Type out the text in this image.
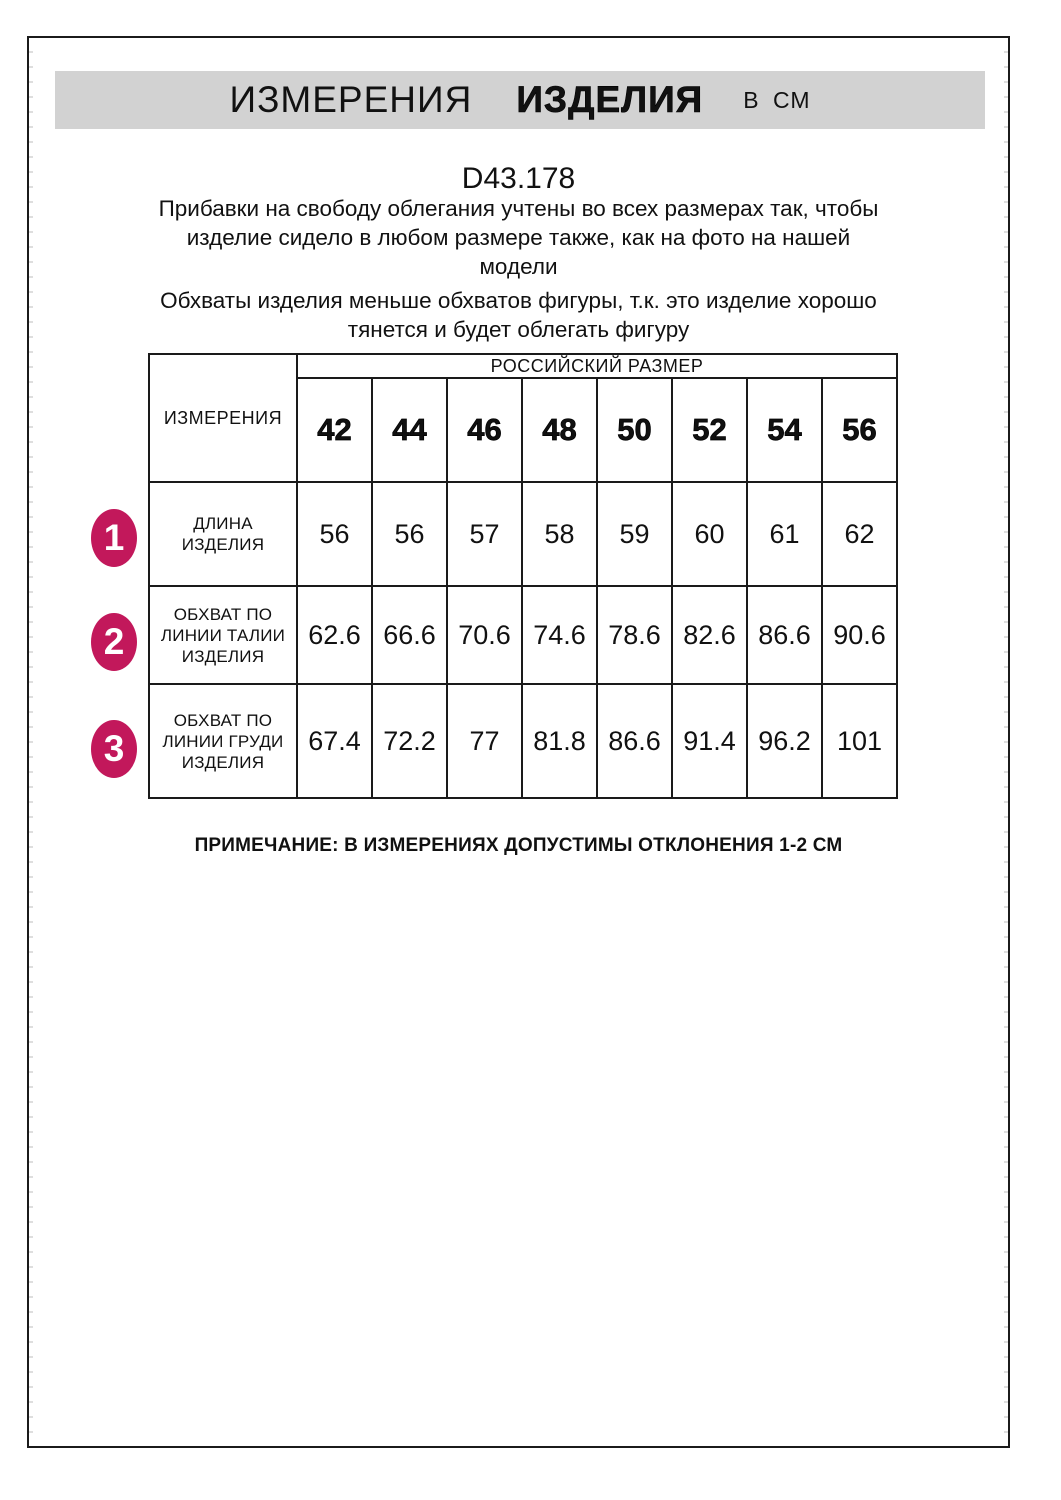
ИЗМЕРЕНИЯ ИЗДЕЛИЯ В СМ
D43.178
Прибавки на свободу облегания учтены во всех размерах так, чтобы
изделие сидело в любом размере также, как на фото на нашей
модели
Обхваты изделия меньше обхватов фигуры, т.к. это изделие хорошо
тянется и будет облегать фигуру
ИЗМЕРЕНИЯ	РОССИЙСКИЙ РАЗМЕР							
	42	44	46	48	50	52	54	56

ДЛИНА
ИЗДЕЛИЯ	56	56	57	58	59	60	61	62

ОБХВАТ ПО
ЛИНИИ ТАЛИИ
ИЗДЕЛИЯ	62.6	66.6	70.6	74.6	78.6	82.6	86.6	90.6

ОБХВАТ ПО
ЛИНИИ ГРУДИ
ИЗДЕЛИЯ	67.4	72.2	77	81.8	86.6	91.4	96.2	101
1
2
3
ПРИМЕЧАНИЕ: В ИЗМЕРЕНИЯХ ДОПУСТИМЫ ОТКЛОНЕНИЯ 1-2 СМ
